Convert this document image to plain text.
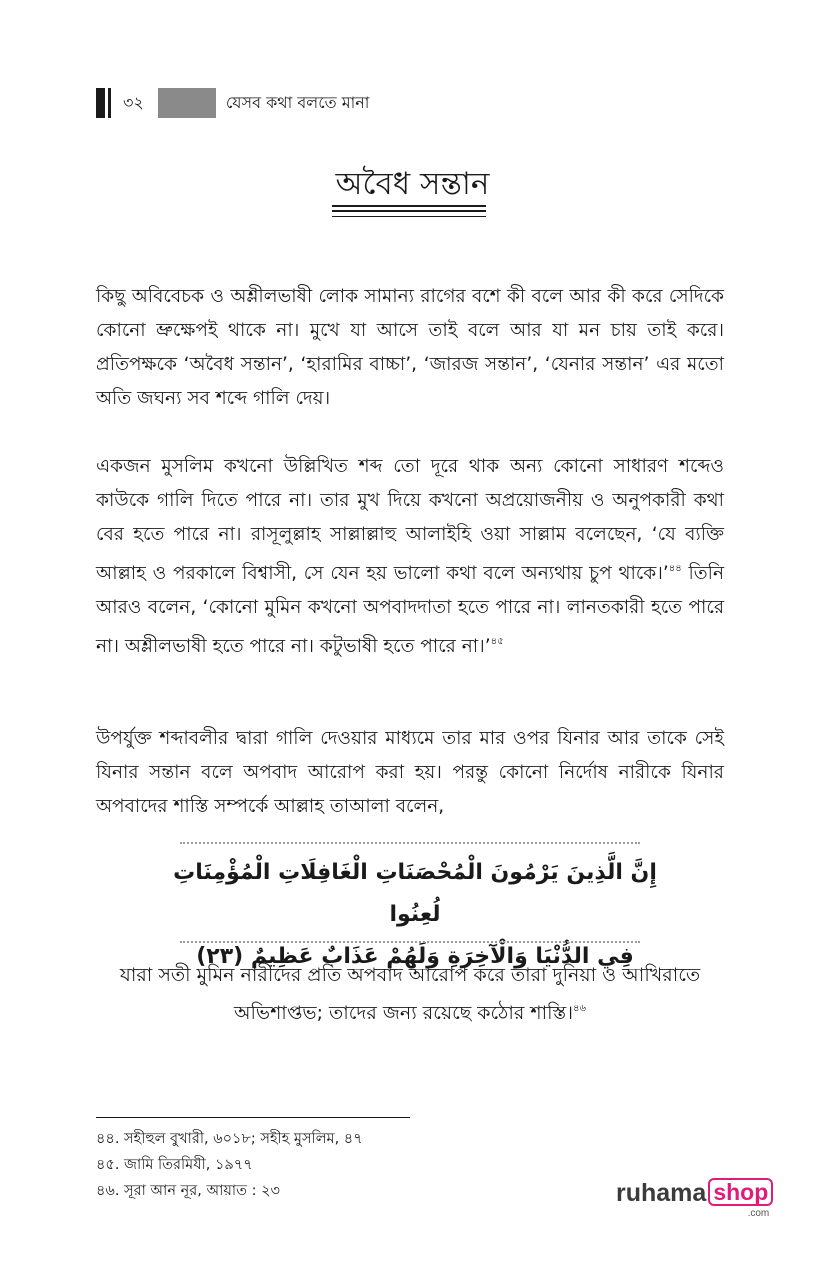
৩২	যেসব কথা বলতে মানা
অবৈধ সন্তান
কিছু অবিবেচক ও অশ্লীলভাষী লোক সামান্য রাগের বশে কী বলে আর কী করে সেদিকে কোনো ভ্রুক্ষেপই থাকে না। মুখে যা আসে তাই বলে আর যা মন চায় তাই করে। প্রতিপক্ষকে ‘অবৈধ সন্তান’, ‘হারামির বাচ্চা’, ‘জারজ সন্তান’, ‘যেনার সন্তান’ এর মতো অতি জঘন্য সব শব্দে গালি দেয়।
একজন মুসলিম কখনো উল্লিখিত শব্দ তো দূরে থাক অন্য কোনো সাধারণ শব্দেও কাউকে গালি দিতে পারে না। তার মুখ দিয়ে কখনো অপ্রয়োজনীয় ও অনুপকারী কথা বের হতে পারে না। রাসূলুল্লাহ সাল্লাল্লাহু আলাইহি ওয়া সাল্লাম বলেছেন, ‘যে ব্যক্তি আল্লাহ ও পরকালে বিশ্বাসী, সে যেন হয় ভালো কথা বলে অন্যথায় চুপ থাকে।’$^{৪৪}$ তিনি আরও বলেন, ‘কোনো মুমিন কখনো অপবাদদাতা হতে পারে না। লানতকারী হতে পারে না। অশ্লীলভাষী হতে পারে না। কটুভাষী হতে পারে না।’$^{৪৫}$
উপর্যুক্ত শব্দাবলীর দ্বারা গালি দেওয়ার মাধ্যমে তার মার ওপর যিনার আর তাকে সেই যিনার সন্তান বলে অপবাদ আরোপ করা হয়। পরন্তু কোনো নির্দোষ নারীকে যিনার অপবাদের শাস্তি সম্পর্কে আল্লাহ তাআলা বলেন,
إِنَّ الَّذِينَ يَرْمُونَ الْمُحْصَنَاتِ الْغَافِلَاتِ الْمُؤْمِنَاتِ لُعِنُوا
فِي الدُّنْيَا وَالْآخِرَةِ وَلَهُمْ عَذَابٌ عَظِيمٌ (٢٣)
যারা সতী মুমিন নারীদের প্রতি অপবাদ আরোপ করে তারা দুনিয়া ও আখিরাতে অভিশাপ্তভ; তাদের জন্য রয়েছে কঠোর শাস্তি।$^{৪৬}$
৪৪. সহীহুল বুখারী, ৬০১৮; সহীহ মুসলিম, ৪৭
৪৫. জামি তিরমিযী, ১৯৭৭
৪৬. সূরা আন নূর, আয়াত : ২৩	ruhama shop
.com
